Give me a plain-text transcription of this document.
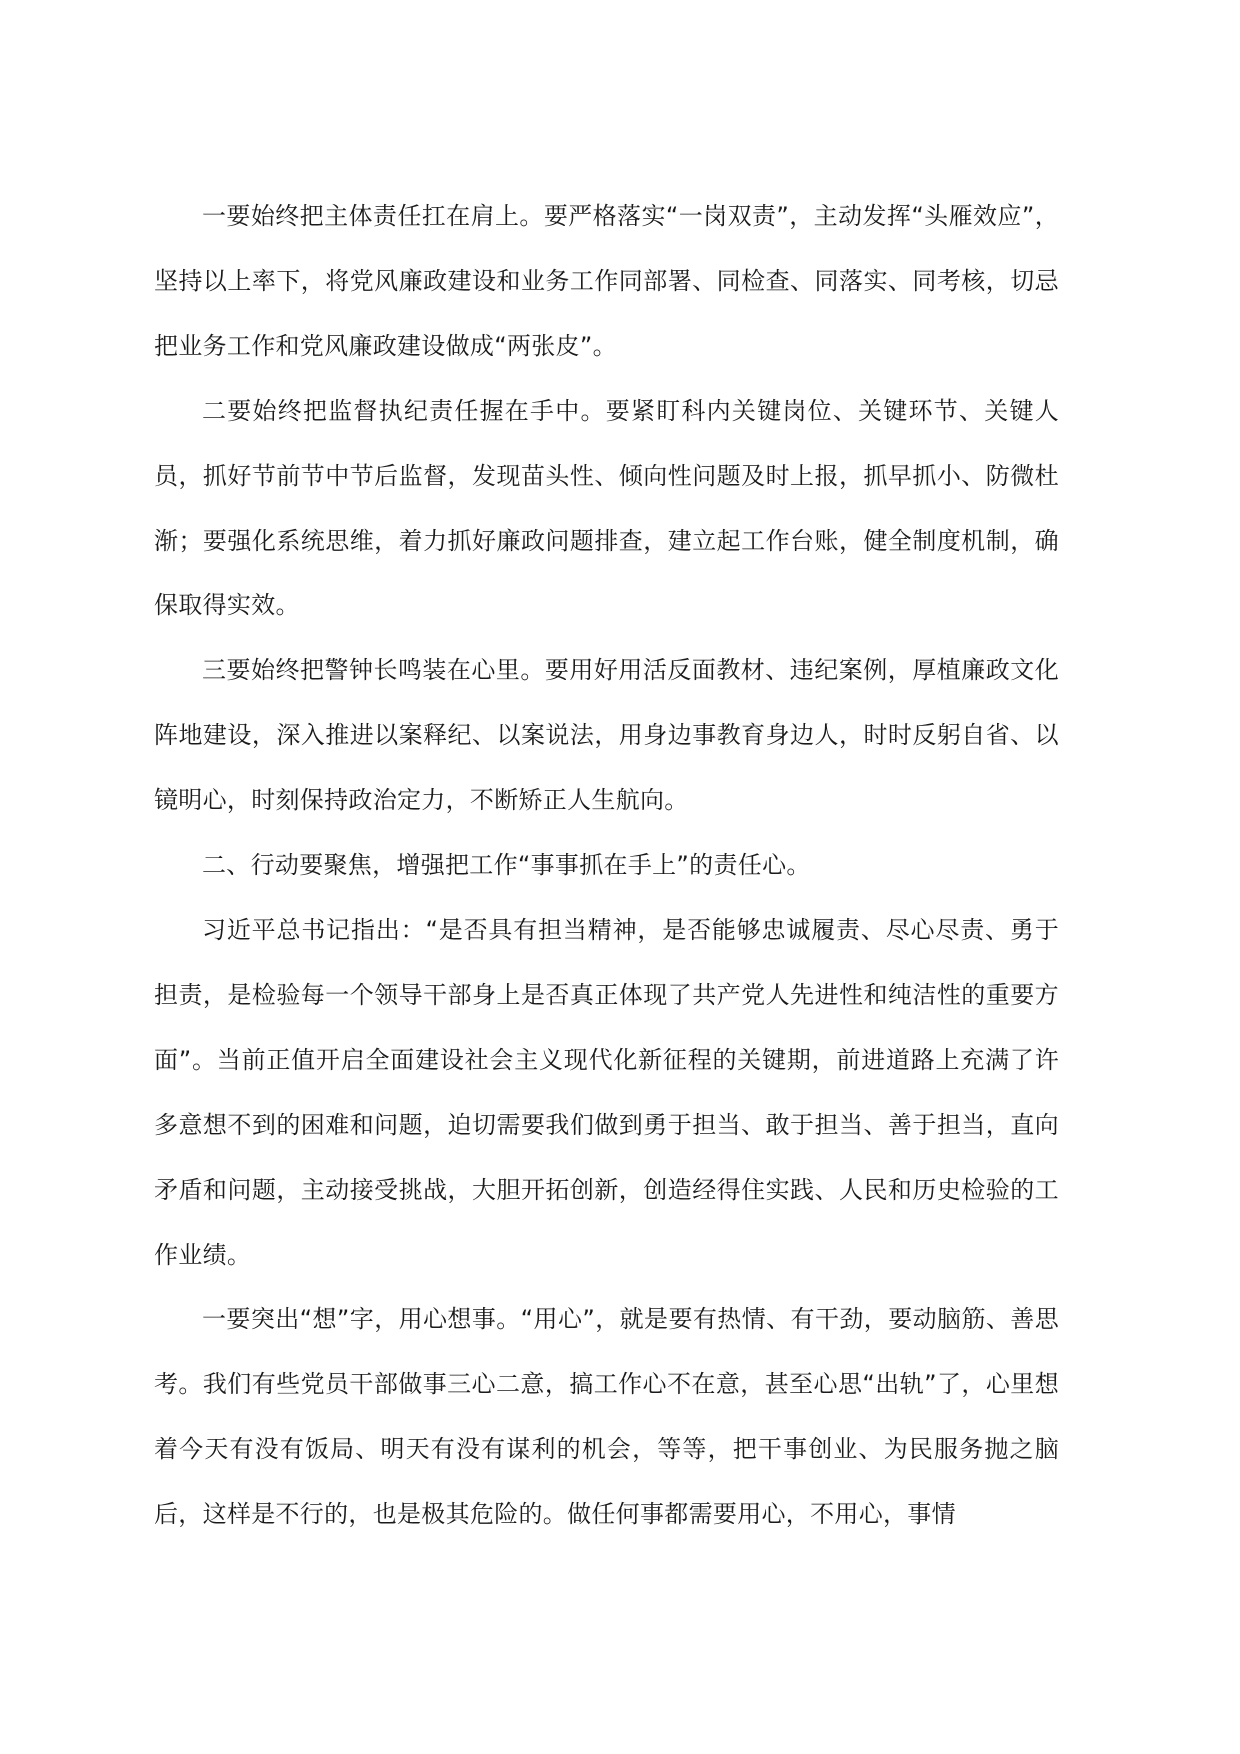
一要始终把主体责任扛在肩上。要严格落实“一岗双责”，主动发挥“头雁效应”，坚持以上率下，将党风廉政建设和业务工作同部署、同检查、同落实、同考核，切忌把业务工作和党风廉政建设做成“两张皮”。

二要始终把监督执纪责任握在手中。要紧盯科内关键岗位、关键环节、关键人员，抓好节前节中节后监督，发现苗头性、倾向性问题及时上报，抓早抓小、防微杜渐；要强化系统思维，着力抓好廉政问题排查，建立起工作台账，健全制度机制，确保取得实效。

三要始终把警钟长鸣装在心里。要用好用活反面教材、违纪案例，厚植廉政文化阵地建设，深入推进以案释纪、以案说法，用身边事教育身边人，时时反躬自省、以镜明心，时刻保持政治定力，不断矫正人生航向。

二、行动要聚焦，增强把工作“事事抓在手上”的责任心。

习近平总书记指出：“是否具有担当精神，是否能够忠诚履责、尽心尽责、勇于担责，是检验每一个领导干部身上是否真正体现了共产党人先进性和纯洁性的重要方面”。当前正值开启全面建设社会主义现代化新征程的关键期，前进道路上充满了许多意想不到的困难和问题，迫切需要我们做到勇于担当、敢于担当、善于担当，直向矛盾和问题，主动接受挑战，大胆开拓创新，创造经得住实践、人民和历史检验的工作业绩。

一要突出“想”字，用心想事。“用心”，就是要有热情、有干劲，要动脑筋、善思考。我们有些党员干部做事三心二意，搞工作心不在意，甚至心思“出轨”了，心里想着今天有没有饭局、明天有没有谋利的机会，等等，把干事创业、为民服务抛之脑后，这样是不行的，也是极其危险的。做任何事都需要用心，不用心，事情
